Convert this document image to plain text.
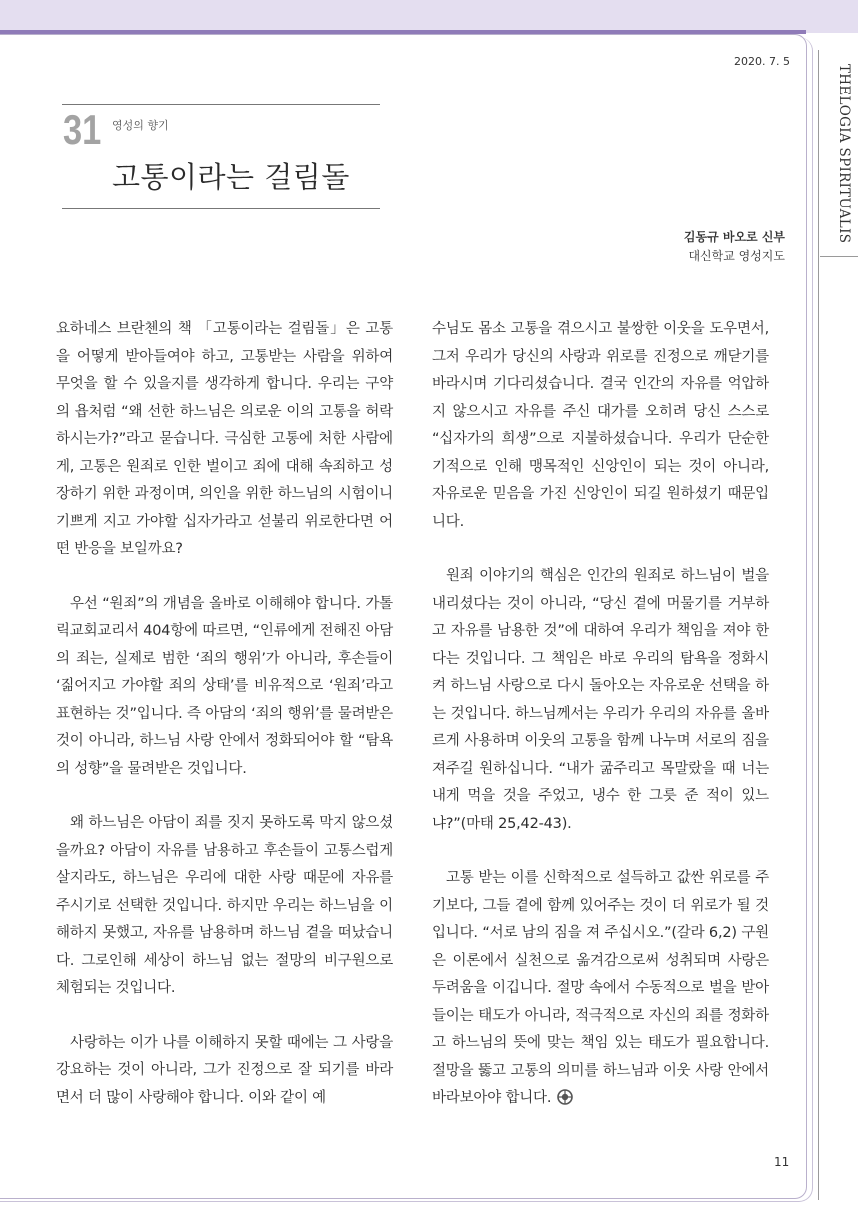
THELOGIA SPIRITUALIS
2020. 7. 5
31 영성의 향기
고통이라는 걸림돌
김동규 바오로 신부
대신학교 영성지도

요하네스 브란첸의 책 「고통이라는 걸림돌」은 고통을 어떻게 받아들여야 하고, 고통받는 사람을 위하여 무엇을 할 수 있을지를 생각하게 합니다. 우리는 구약의 욥처럼 “왜 선한 하느님은 의로운 이의 고통을 허락하시는가?”라고 묻습니다. 극심한 고통에 처한 사람에게, 고통은 원죄로 인한 벌이고 죄에 대해 속죄하고 성장하기 위한 과정이며, 의인을 위한 하느님의 시험이니 기쁘게 지고 가야할 십자가라고 섣불리 위로한다면 어떤 반응을 보일까요?

우선 “원죄”의 개념을 올바로 이해해야 합니다. 가톨릭교회교리서 404항에 따르면, “인류에게 전해진 아담의 죄는, 실제로 범한 ‘죄의 행위’가 아니라, 후손들이 ‘짊어지고 가야할 죄의 상태’를 비유적으로 ‘원죄’라고 표현하는 것”입니다. 즉 아담의 ‘죄의 행위’를 물려받은 것이 아니라, 하느님 사랑 안에서 정화되어야 할 “탐욕의 성향”을 물려받은 것입니다.

왜 하느님은 아담이 죄를 짓지 못하도록 막지 않으셨을까요? 아담이 자유를 남용하고 후손들이 고통스럽게 살지라도, 하느님은 우리에 대한 사랑 때문에 자유를 주시기로 선택한 것입니다. 하지만 우리는 하느님을 이해하지 못했고, 자유를 남용하며 하느님 곁을 떠났습니다. 그로인해 세상이 하느님 없는 절망의 비구원으로 체험되는 것입니다.

사랑하는 이가 나를 이해하지 못할 때에는 그 사랑을 강요하는 것이 아니라, 그가 진정으로 잘 되기를 바라면서 더 많이 사랑해야 합니다. 이와 같이 예

수님도 몸소 고통을 겪으시고 불쌍한 이웃을 도우면서, 그저 우리가 당신의 사랑과 위로를 진정으로 깨닫기를 바라시며 기다리셨습니다. 결국 인간의 자유를 억압하지 않으시고 자유를 주신 대가를 오히려 당신 스스로 “십자가의 희생”으로 지불하셨습니다. 우리가 단순한 기적으로 인해 맹목적인 신앙인이 되는 것이 아니라, 자유로운 믿음을 가진 신앙인이 되길 원하셨기 때문입니다.

원죄 이야기의 핵심은 인간의 원죄로 하느님이 벌을 내리셨다는 것이 아니라, “당신 곁에 머물기를 거부하고 자유를 남용한 것”에 대하여 우리가 책임을 져야 한다는 것입니다. 그 책임은 바로 우리의 탐욕을 정화시켜 하느님 사랑으로 다시 돌아오는 자유로운 선택을 하는 것입니다. 하느님께서는 우리가 우리의 자유를 올바르게 사용하며 이웃의 고통을 함께 나누며 서로의 짐을 져주길 원하십니다. “내가 굶주리고 목말랐을 때 너는 내게 먹을 것을 주었고, 냉수 한 그릇 준 적이 있느냐?”(마태 25,42-43).

고통 받는 이를 신학적으로 설득하고 값싼 위로를 주기보다, 그들 곁에 함께 있어주는 것이 더 위로가 될 것입니다. “서로 남의 짐을 져 주십시오.”(갈라 6,2) 구원은 이론에서 실천으로 옮겨감으로써 성취되며 사랑은 두려움을 이깁니다. 절망 속에서 수동적으로 벌을 받아들이는 태도가 아니라, 적극적으로 자신의 죄를 정화하고 하느님의 뜻에 맞는 책임 있는 태도가 필요합니다. 절망을 뚫고 고통의 의미를 하느님과 이웃 사랑 안에서 바라보아야 합니다.

11
